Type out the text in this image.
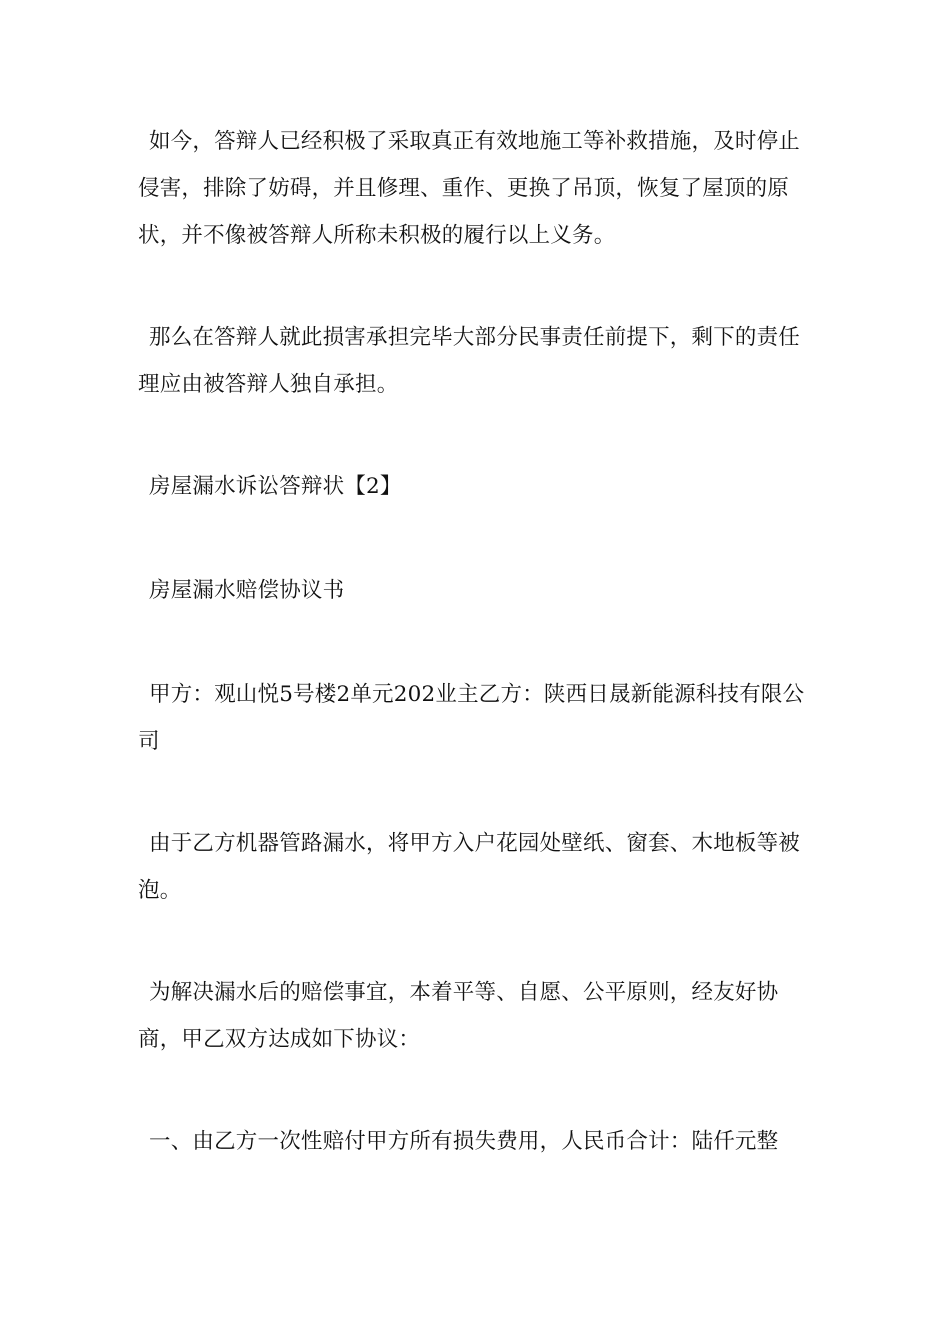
如今，答辩人已经积极了采取真正有效地施工等补救措施，及时停止侵害，排除了妨碍，并且修理、重作、更换了吊顶，恢复了屋顶的原状，并不像被答辩人所称未积极的履行以上义务。

那么在答辩人就此损害承担完毕大部分民事责任前提下，剩下的责任理应由被答辩人独自承担。

房屋漏水诉讼答辩状【2】

房屋漏水赔偿协议书

甲方：观山悦5号楼2单元202业主乙方：陕西日晟新能源科技有限公司

由于乙方机器管路漏水，将甲方入户花园处壁纸、窗套、木地板等被泡。

为解决漏水后的赔偿事宜，本着平等、自愿、公平原则，经友好协商，甲乙双方达成如下协议：

一、由乙方一次性赔付甲方所有损失费用，人民币合计：陆仟元整
